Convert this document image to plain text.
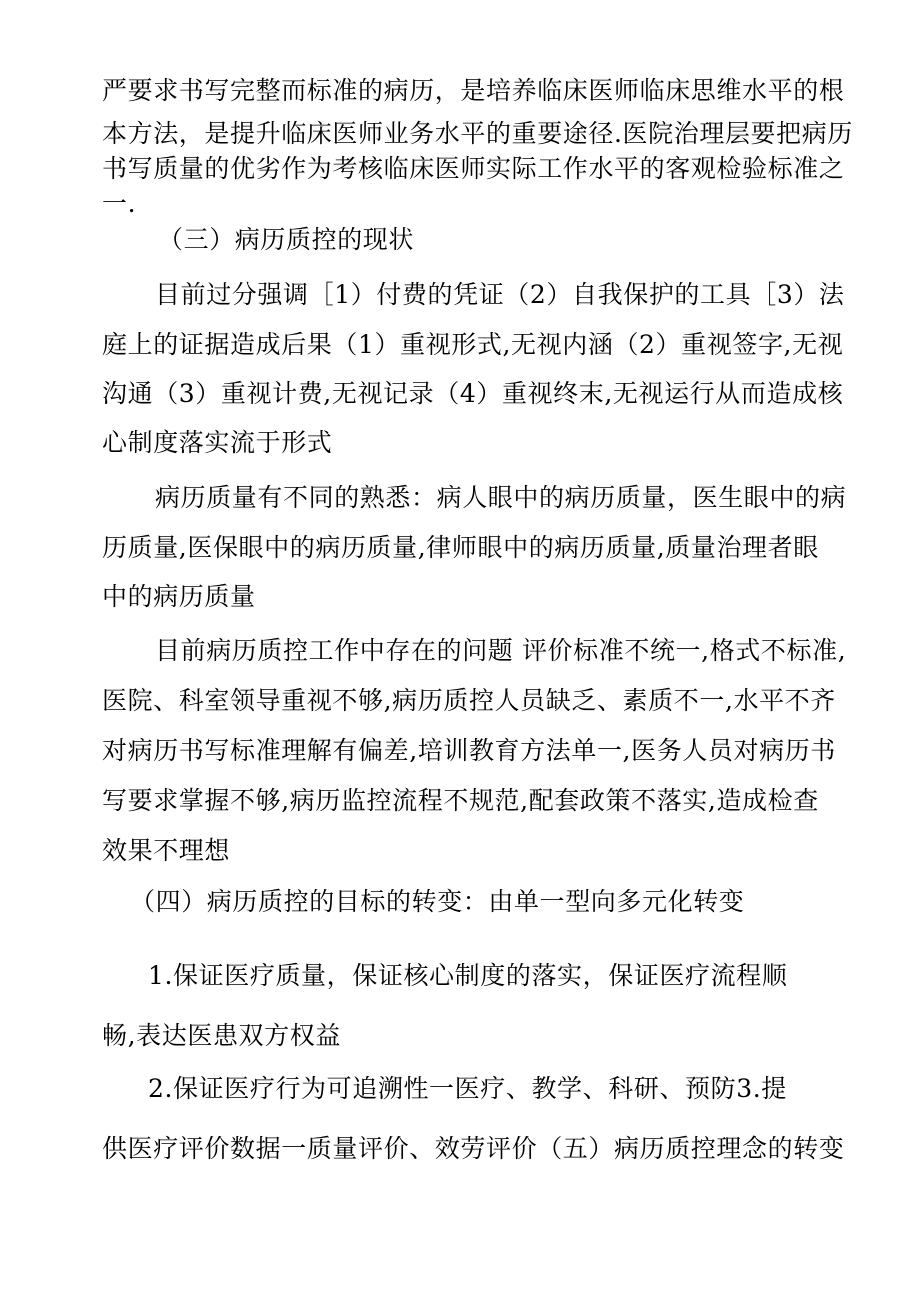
严要求书写完整而标准的病历，是培养临床医师临床思维水平的根
本方法，是提升临床医师业务水平的重要途径.医院治理层要把病历
书写质量的优劣作为考核临床医师实际工作水平的客观检验标准之
一.
（三）病历质控的现状
目前过分强调［1）付费的凭证（2）自我保护的工具［3）法
庭上的证据造成后果（1）重视形式,无视内涵（2）重视签字,无视
沟通（3）重视计费,无视记录（4）重视终末,无视运行从而造成核
心制度落实流于形式
病历质量有不同的熟悉：病人眼中的病历质量，医生眼中的病
历质量,医保眼中的病历质量,律师眼中的病历质量,质量治理者眼
中的病历质量
目前病历质控工作中存在的问题 评价标准不统一,格式不标准,
医院、科室领导重视不够,病历质控人员缺乏、素质不一,水平不齐
对病历书写标准理解有偏差,培训教育方法单一,医务人员对病历书
写要求掌握不够,病历监控流程不规范,配套政策不落实,造成检查
效果不理想
（四）病历质控的目标的转变：由单一型向多元化转变
1.保证医疗质量，保证核心制度的落实，保证医疗流程顺
畅,表达医患双方权益
2.保证医疗行为可追溯性一医疗、教学、科研、预防3.提
供医疗评价数据一质量评价、效劳评价（五）病历质控理念的转变
